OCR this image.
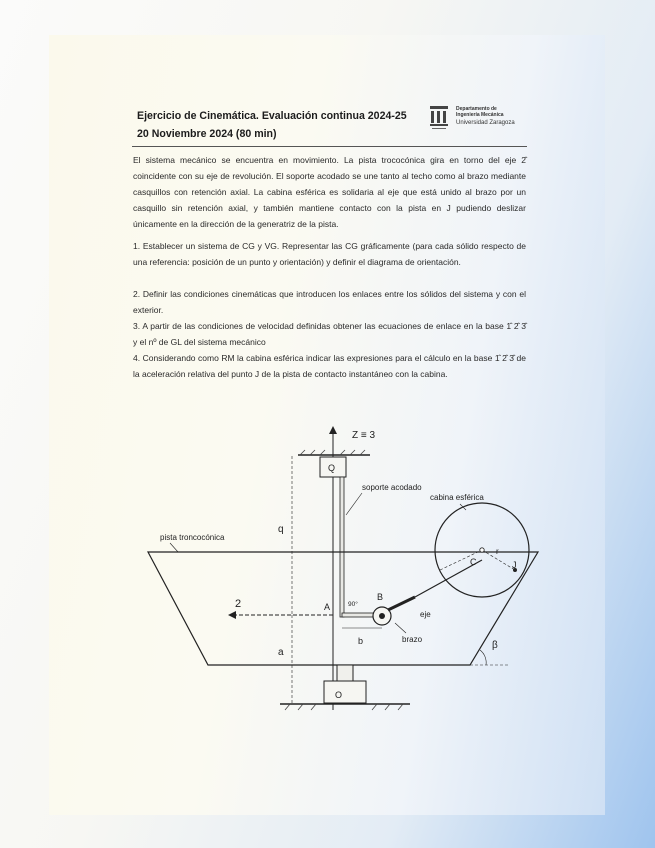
Ejercicio de Cinemática. Evaluación continua 2024-25
20 Noviembre 2024 (80 min)
Departamento de
Ingeniería Mecánica
Universidad Zaragoza

El sistema mecánico se encuentra en movimiento. La pista trococónica gira en torno del eje 2̂ coincidente con su eje de revolución. El soporte acodado se une tanto al techo como al brazo mediante casquillos con retención axial. La cabina esférica es solidaria al eje que está unido al brazo por un casquillo sin retención axial, y también mantiene contacto con la pista en J pudiendo deslizar únicamente en la dirección de la generatriz de la pista.

1. Establecer un sistema de CG y VG. Representar las CG gráficamente (para cada sólido respecto de una referencia: posición de un punto y orientación) y definir el diagrama de orientación.

2. Definir las condiciones cinemáticas que introducen los enlaces entre los sólidos del sistema y con el exterior.

3. A partir de las condiciones de velocidad definidas obtener las ecuaciones de enlace en la base 1̂ 2̂ 3̂ y el nº de GL del sistema mecánico

4. Considerando como RM la cabina esférica indicar las expresiones para el cálculo en la base 1̂ 2̂ 3̂ de la aceleración relativa del punto J de la pista de contacto instantáneo con la cabina.

Z ≡ 3
Q
soporte acodado
pista troncocónica
O
q
a
2	A	90°
b
B
eje
brazo
cabina esférica
C
r
J
β
